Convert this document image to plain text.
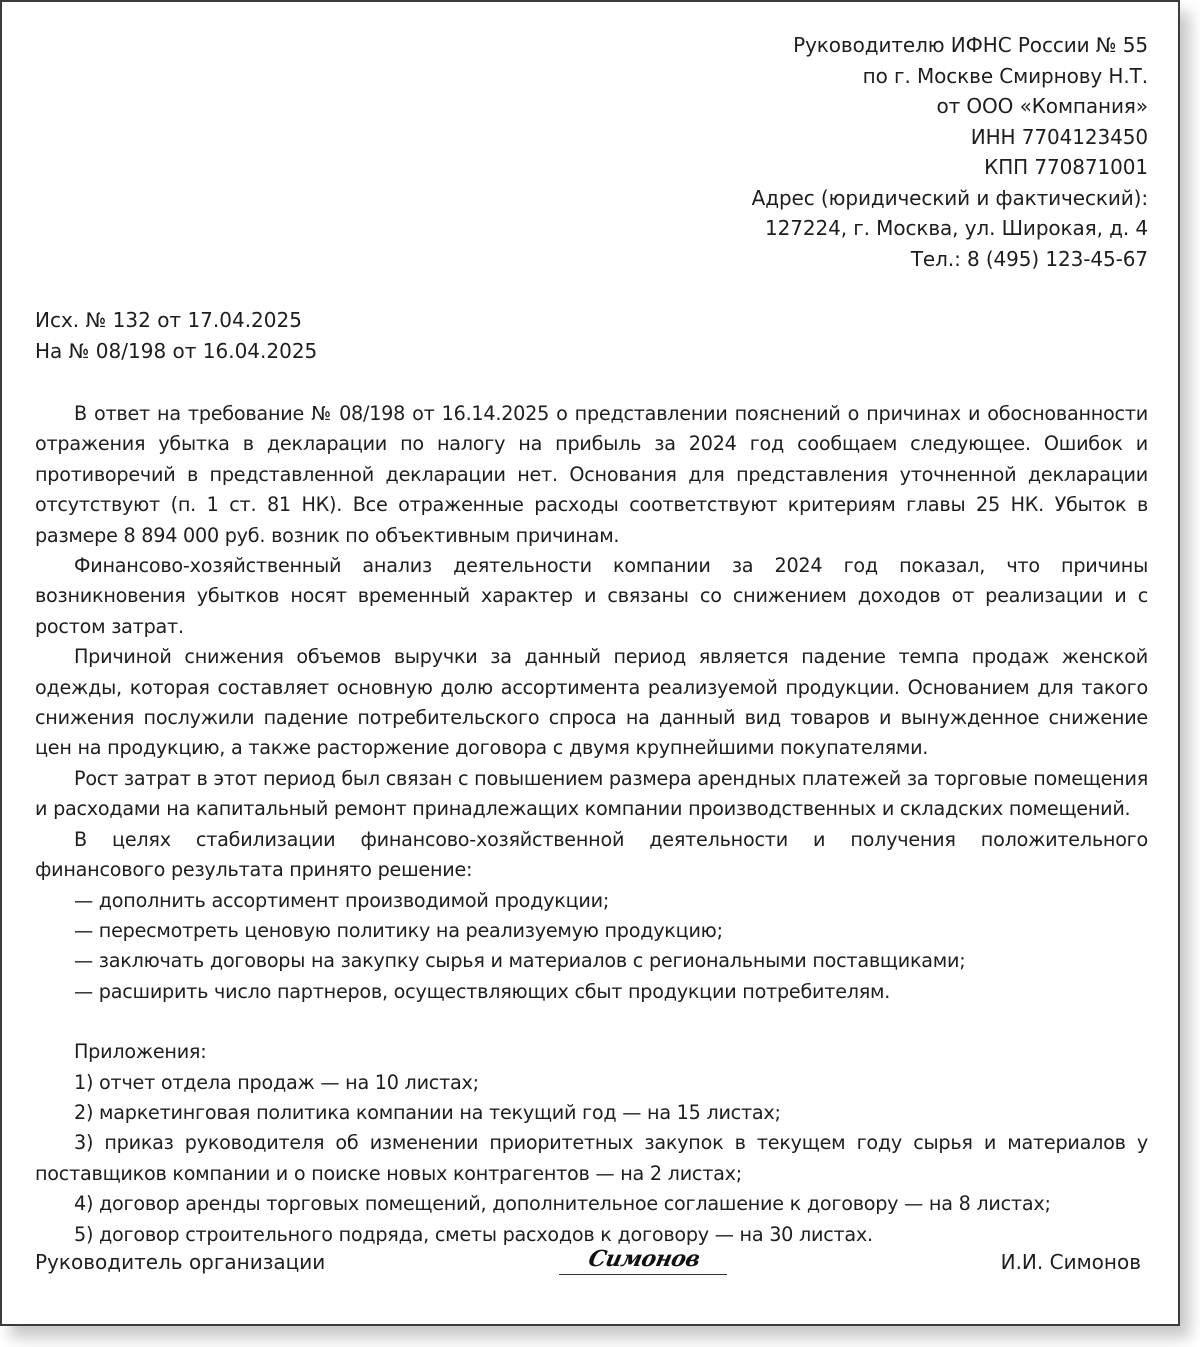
Руководителю ИФНС России № 55
по г. Москве Смирнову Н.Т.
от ООО «Компания»
ИНН 7704123450
КПП 770871001
Адрес (юридический и фактический):
127224, г. Москва, ул. Широкая, д. 4
Тел.: 8 (495) 123-45-67
Исх. № 132 от 17.04.2025
На № 08/198 от 16.04.2025

В ответ на требование № 08/198 от 16.14.2025 о представлении пояснений о причинах и обоснованности отражения убытка в декларации по налогу на прибыль за 2024 год сообщаем следующее. Ошибок и противоречий в представленной декларации нет. Основания для представления уточненной декларации отсутствуют (п. 1 ст. 81 НК). Все отраженные расходы соответствуют критериям главы 25 НК. Убыток в размере 8 894 000 руб. возник по объективным причинам.

Финансово-хозяйственный анализ деятельности компании за 2024 год показал, что причины возникновения убытков носят временный характер и связаны со снижением доходов от реализации и с ростом затрат.

Причиной снижения объемов выручки за данный период является падение темпа продаж женской одежды, которая составляет основную долю ассортимента реализуемой продукции. Основанием для такого снижения послужили падение потребительского спроса на данный вид товаров и вынужденное снижение цен на продукцию, а также расторжение договора с двумя крупнейшими покупателями.

Рост затрат в этот период был связан с повышением размера арендных платежей за торговые помещения и расходами на капитальный ремонт принадлежащих компании производственных и складских помещений.

В целях стабилизации финансово-хозяйственной деятельности и получения положительного финансового результата принято решение:

— дополнить ассортимент производимой продукции;

— пересмотреть ценовую политику на реализуемую продукцию;

— заключать договоры на закупку сырья и материалов с региональными поставщиками;

— расширить число партнеров, осуществляющих сбыт продукции потребителям.

Приложения:

1) отчет отдела продаж — на 10 листах;

2) маркетинговая политика компании на текущий год — на 15 листах;

3) приказ руководителя об изменении приоритетных закупок в текущем году сырья и материалов у поставщиков компании и о поиске новых контрагентов — на 2 листах;

4) договор аренды торговых помещений, дополнительное соглашение к договору — на 8 листах;

5) договор строительного подряда, сметы расходов к договору — на 30 листах.

Руководитель организации	Симонов	И.И. Симонов
